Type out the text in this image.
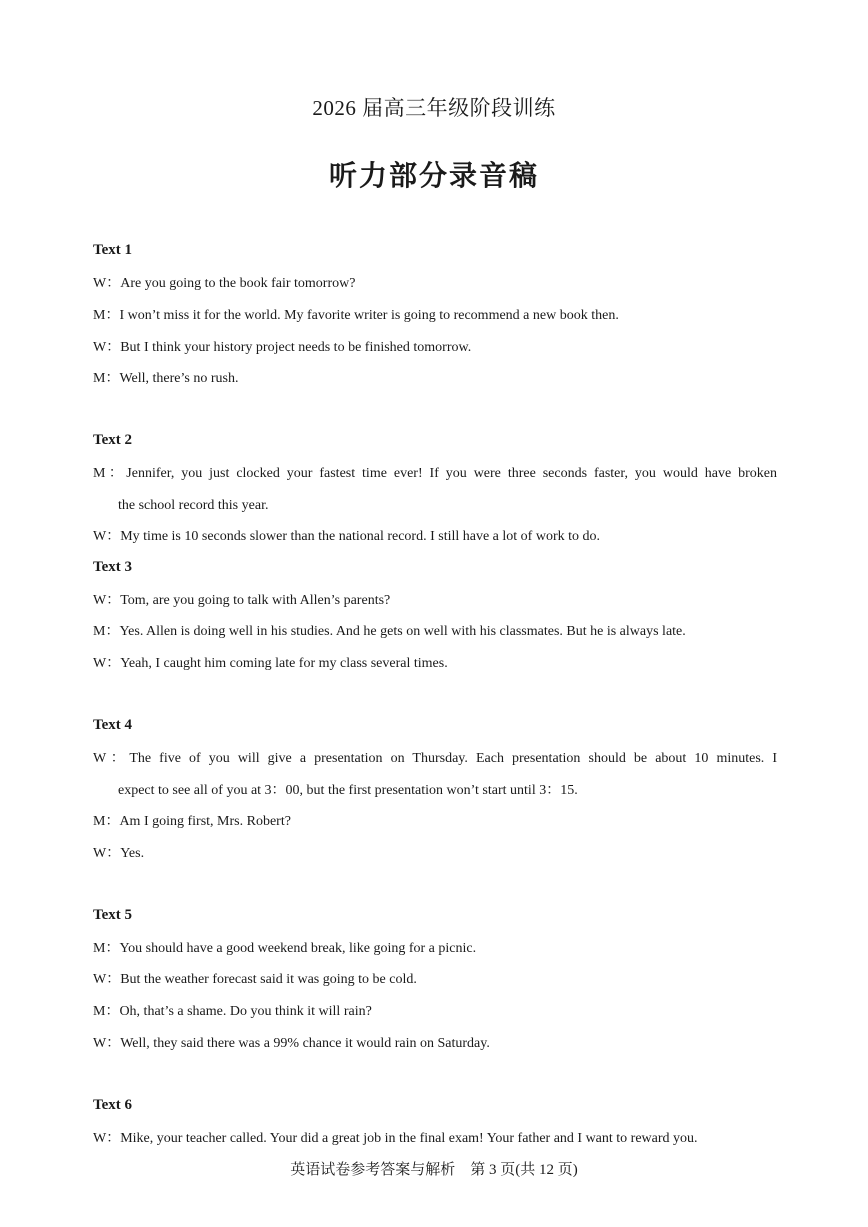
2026 届高三年级阶段训练
听力部分录音稿
Text 1
W：Are you going to the book fair tomorrow?
M：I won’t miss it for the world. My favorite writer is going to recommend a new book then.
W：But I think your history project needs to be finished tomorrow.
M：Well, there’s no rush.
Text 2
M：Jennifer, you just clocked your fastest time ever! If you were three seconds faster, you would have broken
the school record this year.
W：My time is 10 seconds slower than the national record. I still have a lot of work to do.
Text 3
W：Tom, are you going to talk with Allen’s parents?
M：Yes. Allen is doing well in his studies. And he gets on well with his classmates. But he is always late.
W：Yeah, I caught him coming late for my class several times.
Text 4
W：The five of you will give a presentation on Thursday. Each presentation should be about 10 minutes. I
expect to see all of you at 3：00, but the first presentation won’t start until 3：15.
M：Am I going first, Mrs. Robert?
W：Yes.
Text 5
M：You should have a good weekend break, like going for a picnic.
W：But the weather forecast said it was going to be cold.
M：Oh, that’s a shame. Do you think it will rain?
W：Well, they said there was a 99% chance it would rain on Saturday.
Text 6
W：Mike, your teacher called. Your did a great job in the final exam! Your father and I want to reward you.
英语试卷参考答案与解析　第 3 页(共 12 页)
